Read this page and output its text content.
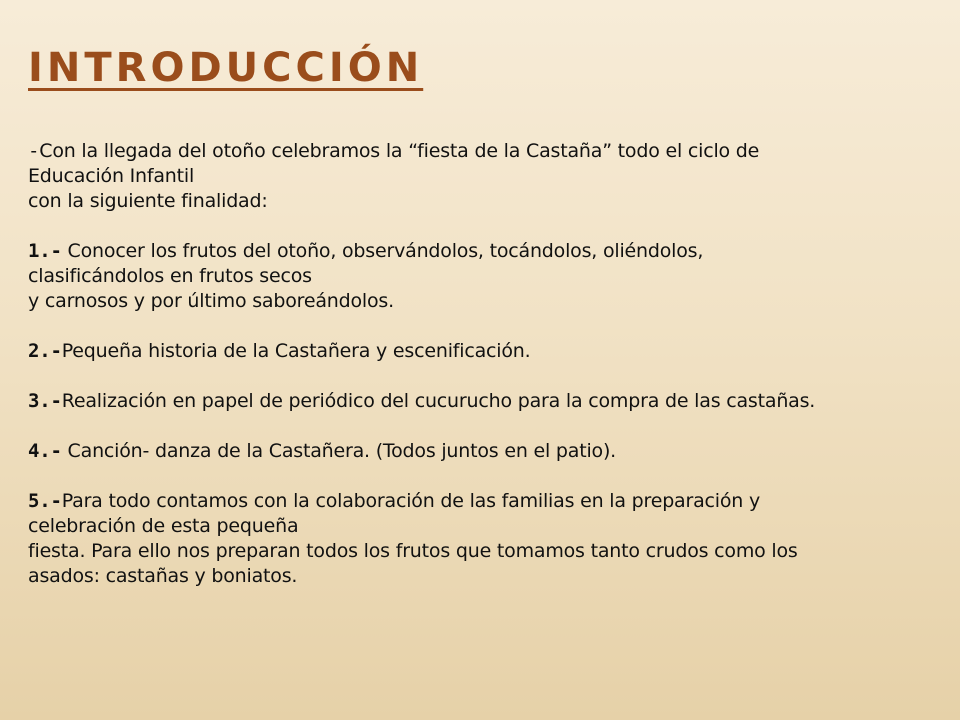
INTRODUCCIÓN

-Con la llegada del otoño celebramos la “fiesta de la Castaña” todo el ciclo de

Educación Infantil

con la siguiente finalidad:

1.- Conocer los frutos del otoño, observándolos, tocándolos, oliéndolos,

clasificándolos en frutos secos

y carnosos y por último saboreándolos.

2.-Pequeña historia de la Castañera y escenificación.

3.-Realización en papel de periódico del cucurucho para la compra de las castañas.

4.- Canción- danza de la Castañera. (Todos juntos en el patio).

5.-Para todo contamos con la colaboración de las familias en la preparación y

celebración de esta pequeña

fiesta. Para ello nos preparan todos los frutos que tomamos tanto crudos como los

asados: castañas y boniatos.
